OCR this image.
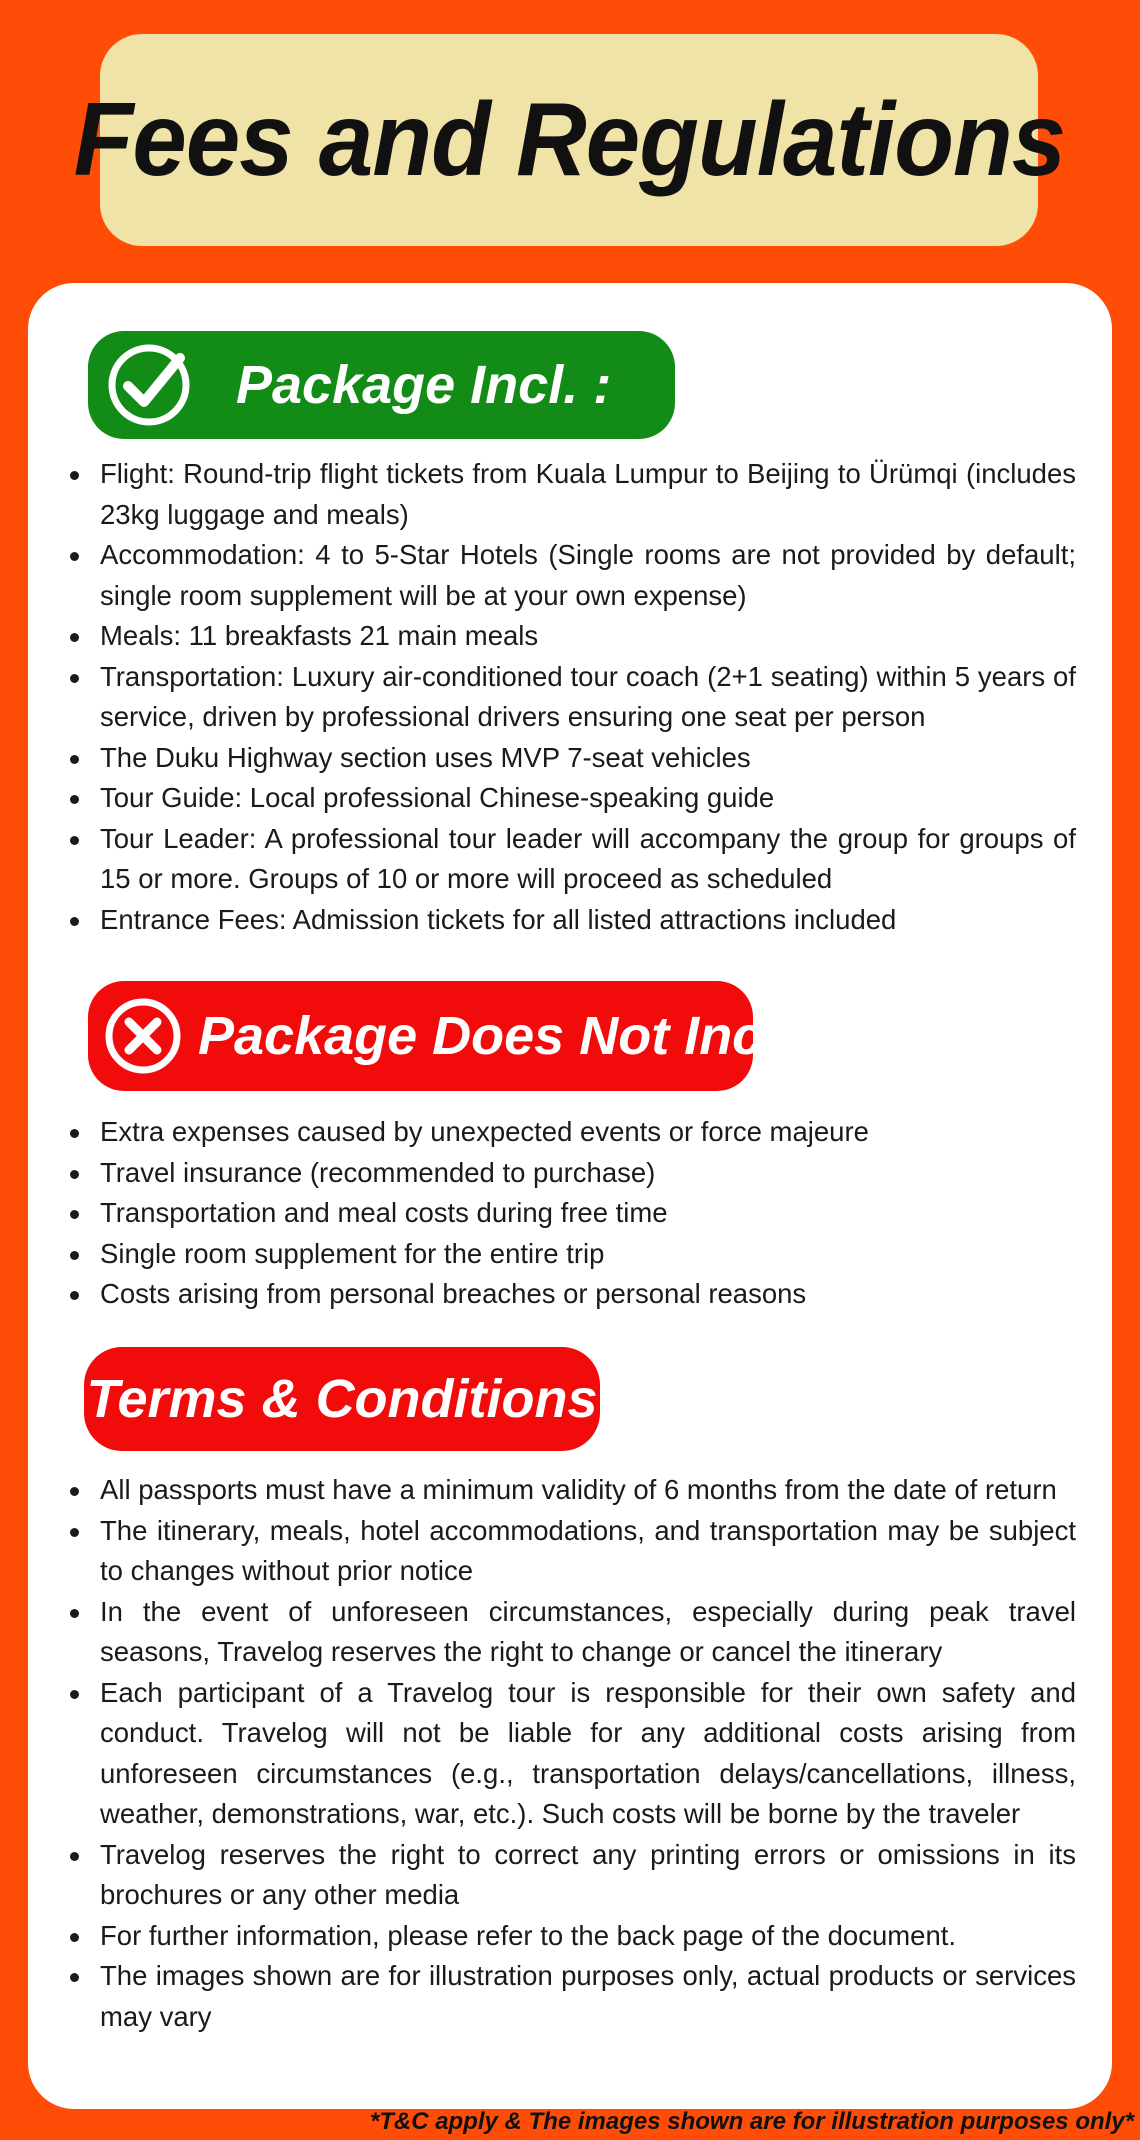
Fees and Regulations
Package Incl. :
Flight: Round-trip flight tickets from Kuala Lumpur to Beijing to Ürümqi (includes 23kg luggage and meals)
Accommodation: 4 to 5-Star Hotels (Single rooms are not provided by default; single room supplement will be at your own expense)
Meals: 11 breakfasts 21 main meals
Transportation: Luxury air-conditioned tour coach (2+1 seating) within 5 years of service, driven by professional drivers ensuring one seat per person
The Duku Highway section uses MVP 7-seat vehicles
Tour Guide: Local professional Chinese-speaking guide
Tour Leader: A professional tour leader will accompany the group for groups of 15 or more. Groups of 10 or more will proceed as scheduled
Entrance Fees: Admission tickets for all listed attractions included
Package Does Not Incl. :
Extra expenses caused by unexpected events or force majeure
Travel insurance (recommended to purchase)
Transportation and meal costs during free time
Single room supplement for the entire trip
Costs arising from personal breaches or personal reasons
Terms & Conditions
All passports must have a minimum validity of 6 months from the date of return
The itinerary, meals, hotel accommodations, and transportation may be subject to changes without prior notice
In the event of unforeseen circumstances, especially during peak travel seasons, Travelog reserves the right to change or cancel the itinerary
Each participant of a Travelog tour is responsible for their own safety and conduct. Travelog will not be liable for any additional costs arising from unforeseen circumstances (e.g., transportation delays/cancellations, illness, weather, demonstrations, war, etc.). Such costs will be borne by the traveler
Travelog reserves the right to correct any printing errors or omissions in its brochures or any other media
For further information, please refer to the back page of the document.
The images shown are for illustration purposes only, actual products or services may vary
*T&C apply & The images shown are for illustration purposes only*
